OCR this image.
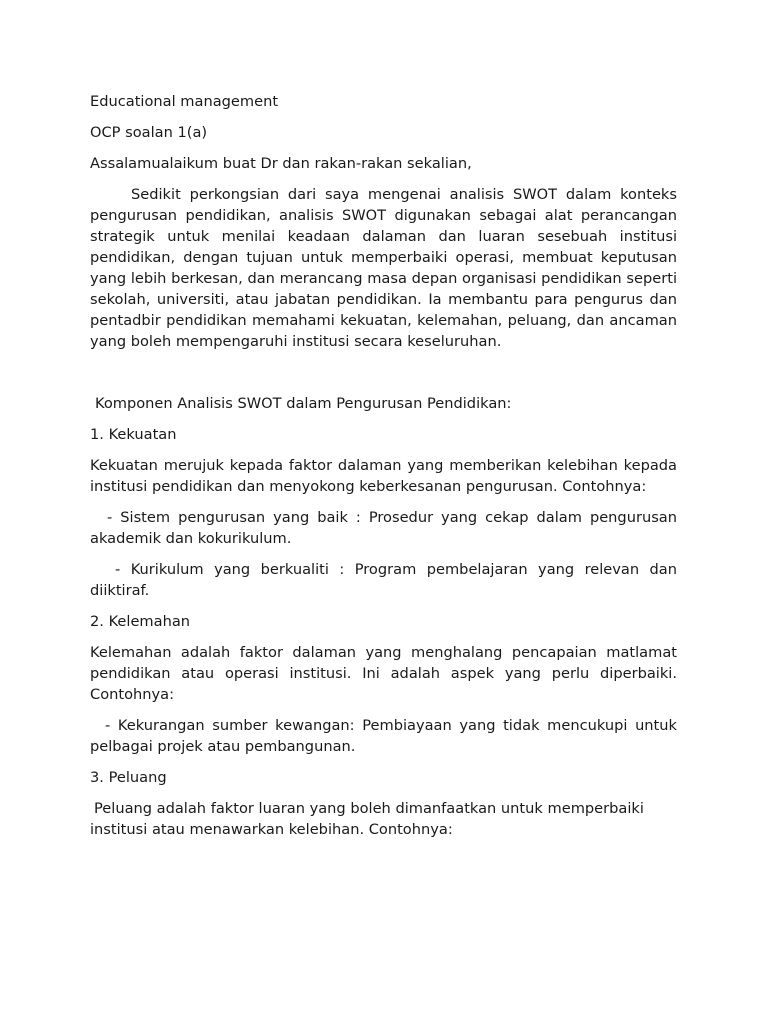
Educational management

OCP soalan 1(a)

Assalamualaikum buat Dr dan rakan-rakan sekalian,

Sedikit perkongsian dari saya mengenai analisis SWOT dalam konteks pengurusan pendidikan, analisis SWOT digunakan sebagai alat perancangan strategik untuk menilai keadaan dalaman dan luaran sesebuah institusi pendidikan, dengan tujuan untuk memperbaiki operasi, membuat keputusan yang lebih berkesan, dan merancang masa depan organisasi pendidikan seperti sekolah, universiti, atau jabatan pendidikan. Ia membantu para pengurus dan pentadbir pendidikan memahami kekuatan, kelemahan, peluang, dan ancaman yang boleh mempengaruhi institusi secara keseluruhan.

Komponen Analisis SWOT dalam Pengurusan Pendidikan:

1. Kekuatan

Kekuatan merujuk kepada faktor dalaman yang memberikan kelebihan kepada institusi pendidikan dan menyokong keberkesanan pengurusan. Contohnya:

- Sistem pengurusan yang baik : Prosedur yang cekap dalam pengurusan akademik dan kokurikulum.

- Kurikulum yang berkualiti : Program pembelajaran yang relevan dan diiktiraf.

2. Kelemahan

Kelemahan adalah faktor dalaman yang menghalang pencapaian matlamat pendidikan atau operasi institusi. Ini adalah aspek yang perlu diperbaiki. Contohnya:

- Kekurangan sumber kewangan: Pembiayaan yang tidak mencukupi untuk pelbagai projek atau pembangunan.

3. Peluang

Peluang adalah faktor luaran yang boleh dimanfaatkan untuk memperbaiki institusi atau menawarkan kelebihan. Contohnya:
